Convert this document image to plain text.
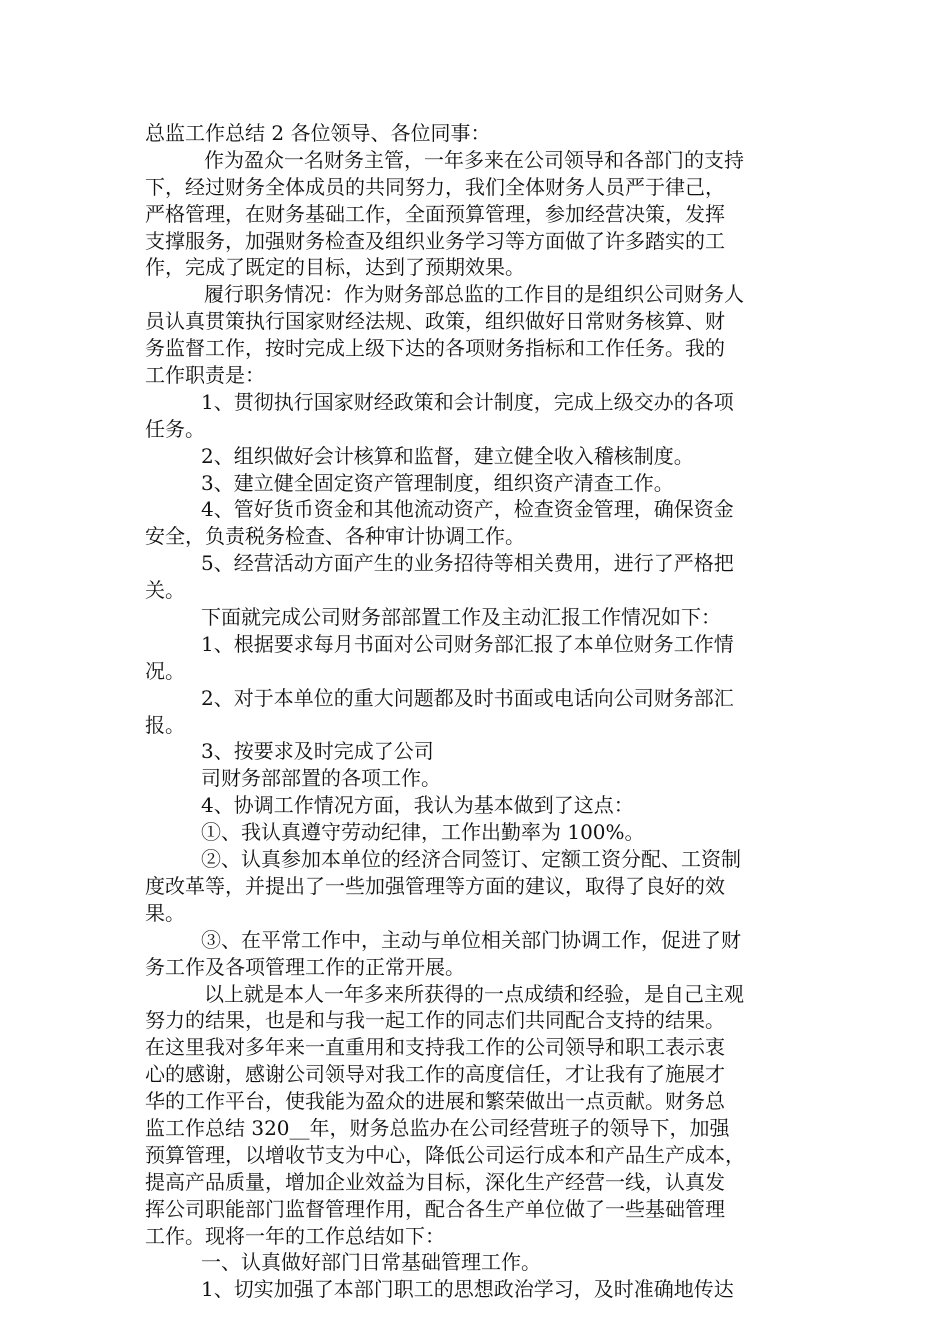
总监工作总结 2 各位领导、各位同事：
作为盈众一名财务主管，一年多来在公司领导和各部门的支持
下，经过财务全体成员的共同努力，我们全体财务人员严于律己，
严格管理，在财务基础工作，全面预算管理，参加经营决策，发挥
支撑服务，加强财务检查及组织业务学习等方面做了许多踏实的工
作，完成了既定的目标，达到了预期效果。
履行职务情况：作为财务部总监的工作目的是组织公司财务人
员认真贯策执行国家财经法规、政策，组织做好日常财务核算、财
务监督工作，按时完成上级下达的各项财务指标和工作任务。我的
工作职责是：
1、贯彻执行国家财经政策和会计制度，完成上级交办的各项
任务。
2、组织做好会计核算和监督，建立健全收入稽核制度。
3、建立健全固定资产管理制度，组织资产清查工作。
4、管好货币资金和其他流动资产，检查资金管理，确保资金
安全，负责税务检查、各种审计协调工作。
5、经营活动方面产生的业务招待等相关费用，进行了严格把
关。
下面就完成公司财务部部置工作及主动汇报工作情况如下：
1、根据要求每月书面对公司财务部汇报了本单位财务工作情
况。
2、对于本单位的重大问题都及时书面或电话向公司财务部汇
报。
3、按要求及时完成了公司
司财务部部置的各项工作。
4、协调工作情况方面，我认为基本做到了这点：
①、我认真遵守劳动纪律，工作出勤率为 100%。
②、认真参加本单位的经济合同签订、定额工资分配、工资制
度改革等，并提出了一些加强管理等方面的建议，取得了良好的效
果。
③、在平常工作中，主动与单位相关部门协调工作，促进了财
务工作及各项管理工作的正常开展。
以上就是本人一年多来所获得的一点成绩和经验，是自己主观
努力的结果，也是和与我一起工作的同志们共同配合支持的结果。
在这里我对多年来一直重用和支持我工作的公司领导和职工表示衷
心的感谢，感谢公司领导对我工作的高度信任，才让我有了施展才
华的工作平台，使我能为盈众的进展和繁荣做出一点贡献。财务总
监工作总结 320__年，财务总监办在公司经营班子的领导下，加强
预算管理，以增收节支为中心，降低公司运行成本和产品生产成本，
提高产品质量，增加企业效益为目标，深化生产经营一线，认真发
挥公司职能部门监督管理作用，配合各生产单位做了一些基础管理
工作。现将一年的工作总结如下：
一、认真做好部门日常基础管理工作。
1、切实加强了本部门职工的思想政治学习，及时准确地传达
